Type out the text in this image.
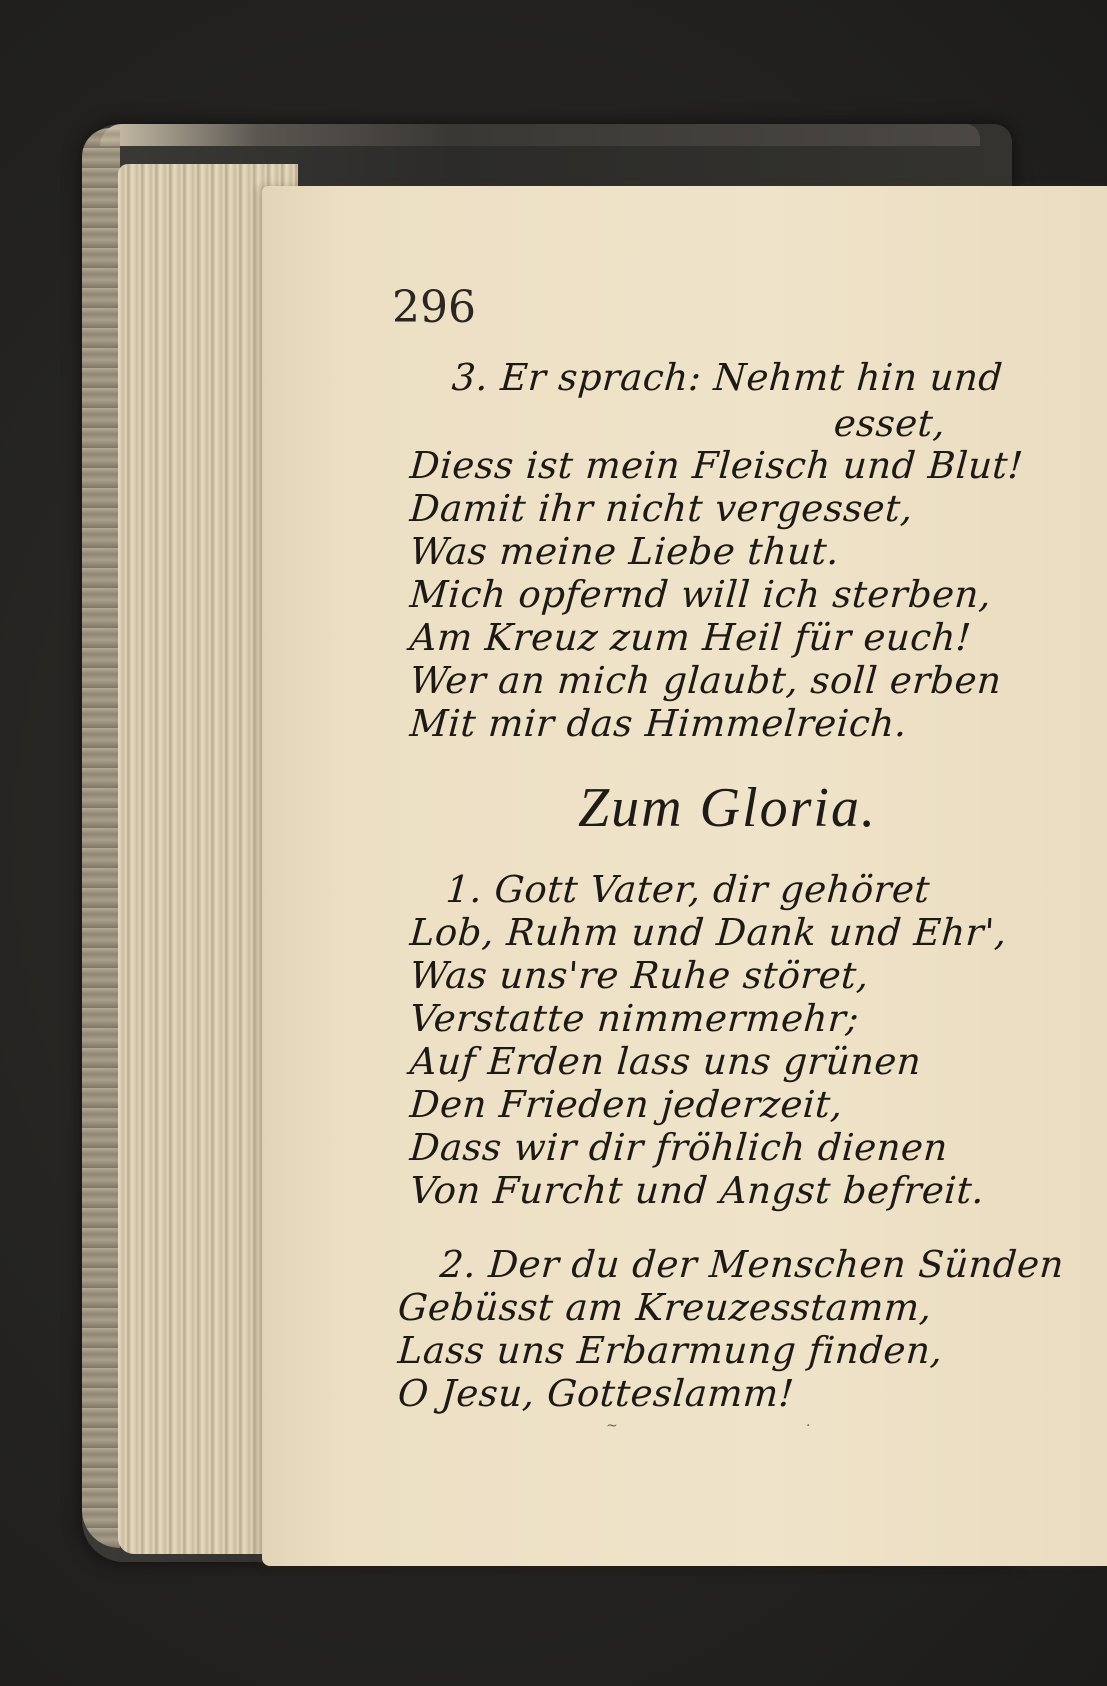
296
3. Er sprach: Nehmt hin und
esset,
Diess ist mein Fleisch und Blut!
Damit ihr nicht vergesset,
Was meine Liebe thut.
Mich opfernd will ich sterben,
Am Kreuz zum Heil für euch!
Wer an mich glaubt, soll erben
Mit mir das Himmelreich.
Zum Gloria.
1. Gott Vater, dir gehöret
Lob, Ruhm und Dank und Ehr',
Was uns're Ruhe störet,
Verstatte nimmermehr;
Auf Erden lass uns grünen
Den Frieden jederzeit,
Dass wir dir fröhlich dienen
Von Furcht und Angst befreit.
2. Der du der Menschen Sünden
Gebüsst am Kreuzesstamm,
Lass uns Erbarmung finden,
O Jesu, Gotteslamm!
~	·
